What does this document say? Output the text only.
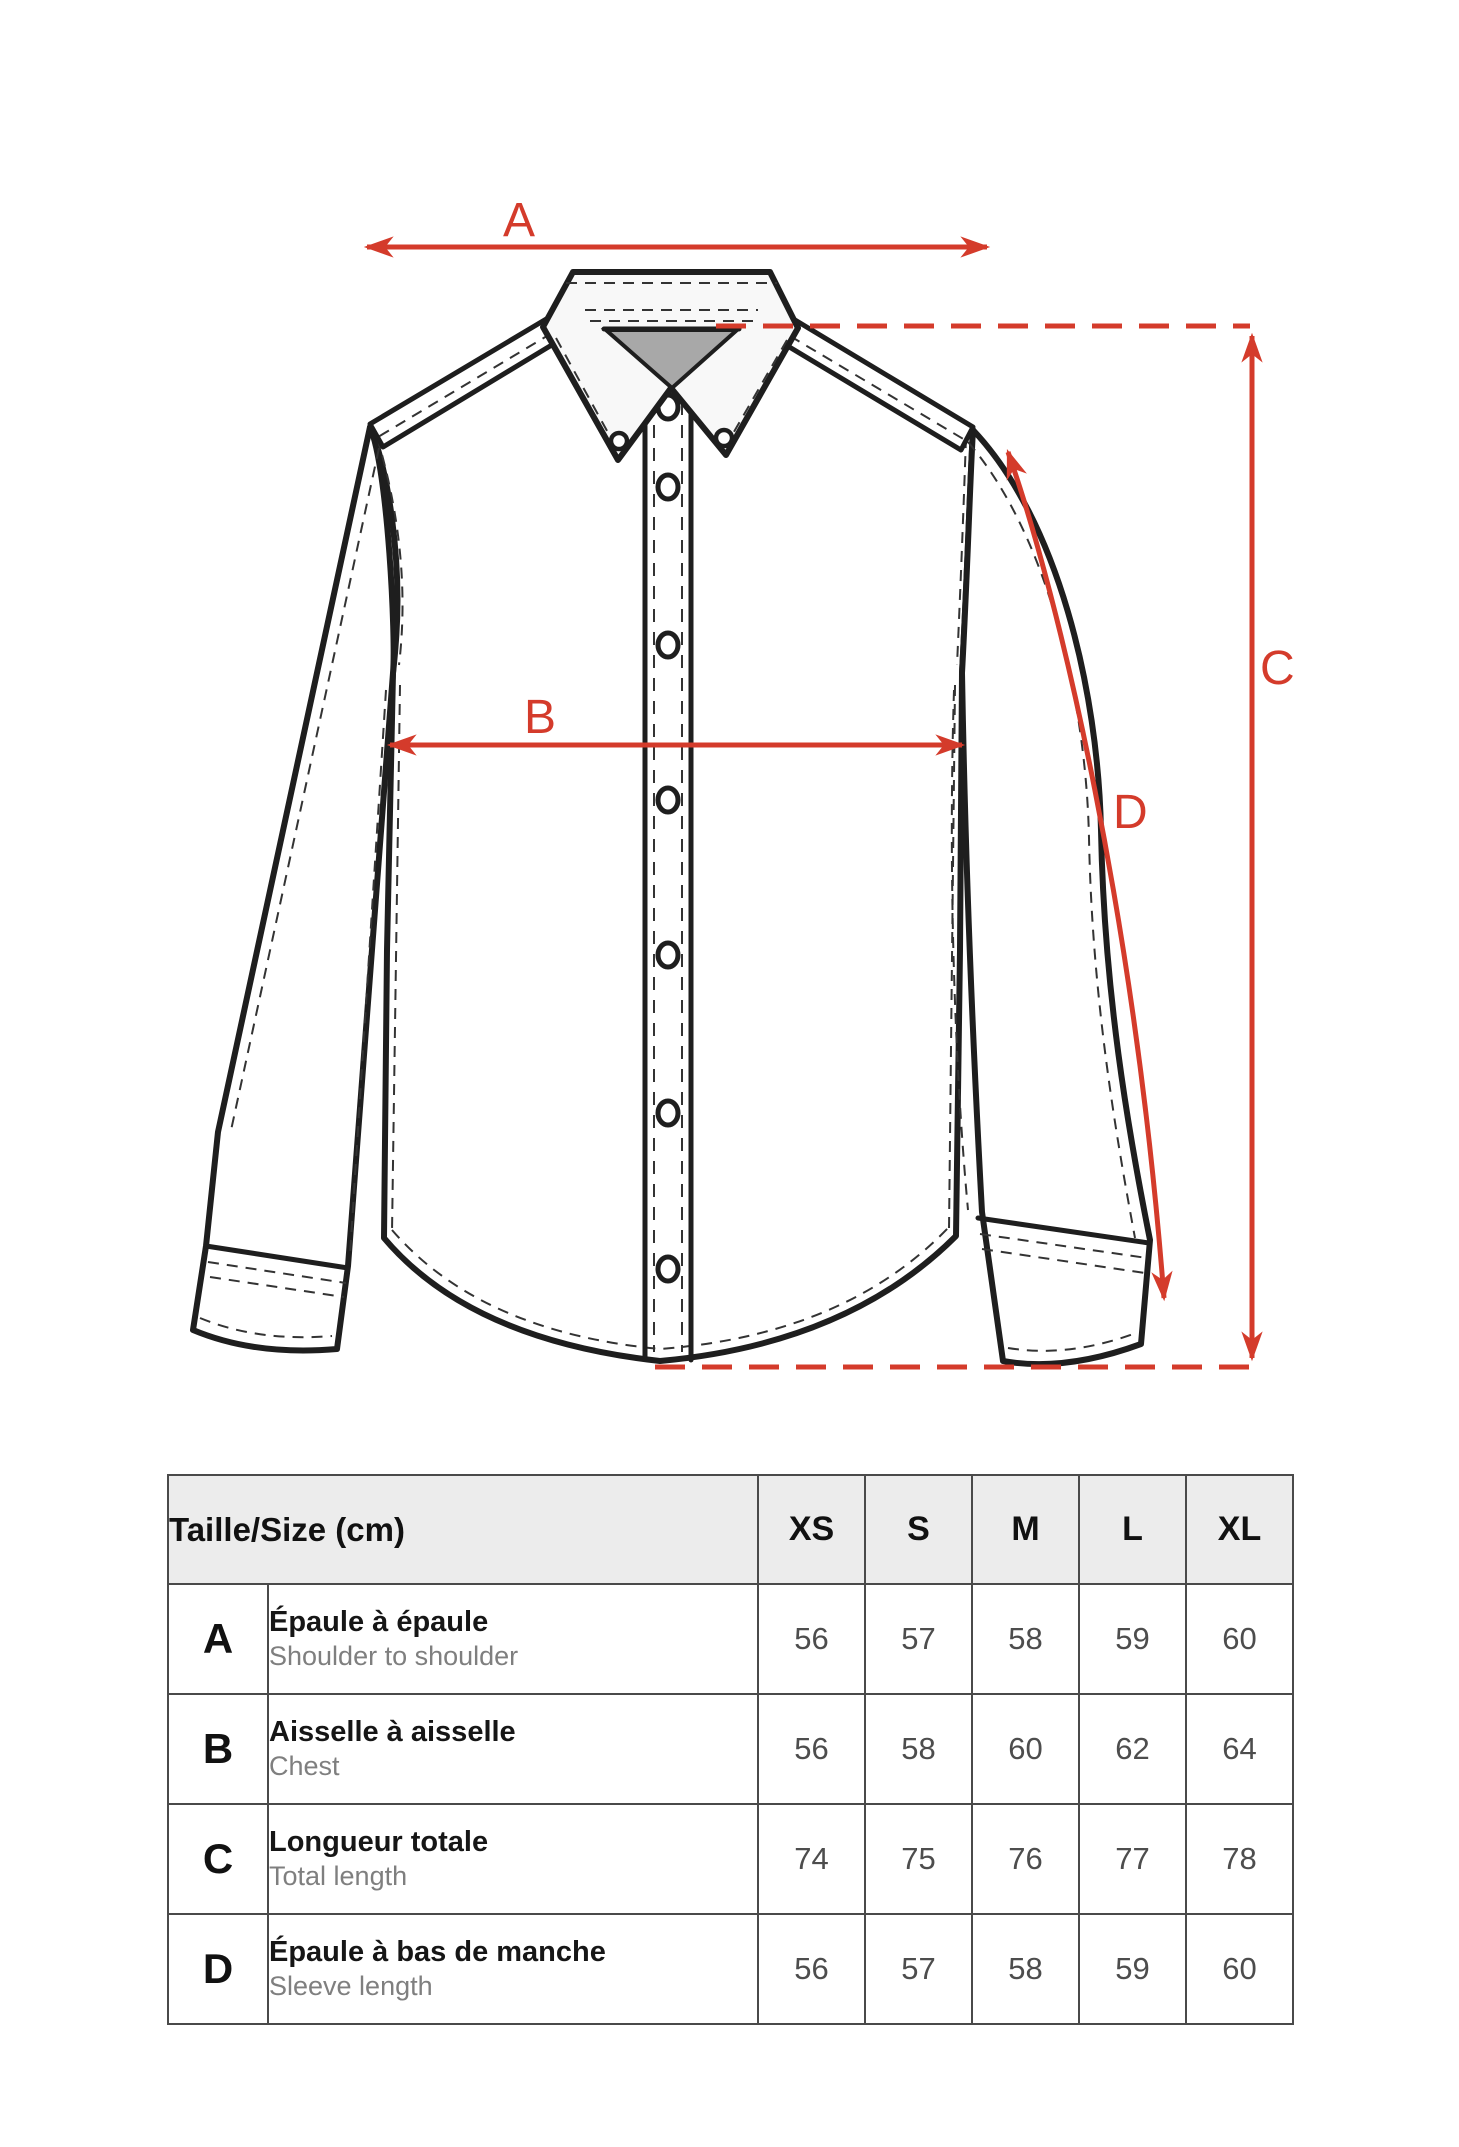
A
B
C
D
Taille/Size (cm)		XS	S	M	L	XL
A	Épaule à épaule
Shoulder to shoulder	56	57	58	59	60
B	Aisselle à aisselle
Chest	56	58	60	62	64
C	Longueur totale
Total length	74	75	76	77	78
D	Épaule à bas de manche
Sleeve length	56	57	58	59	60
